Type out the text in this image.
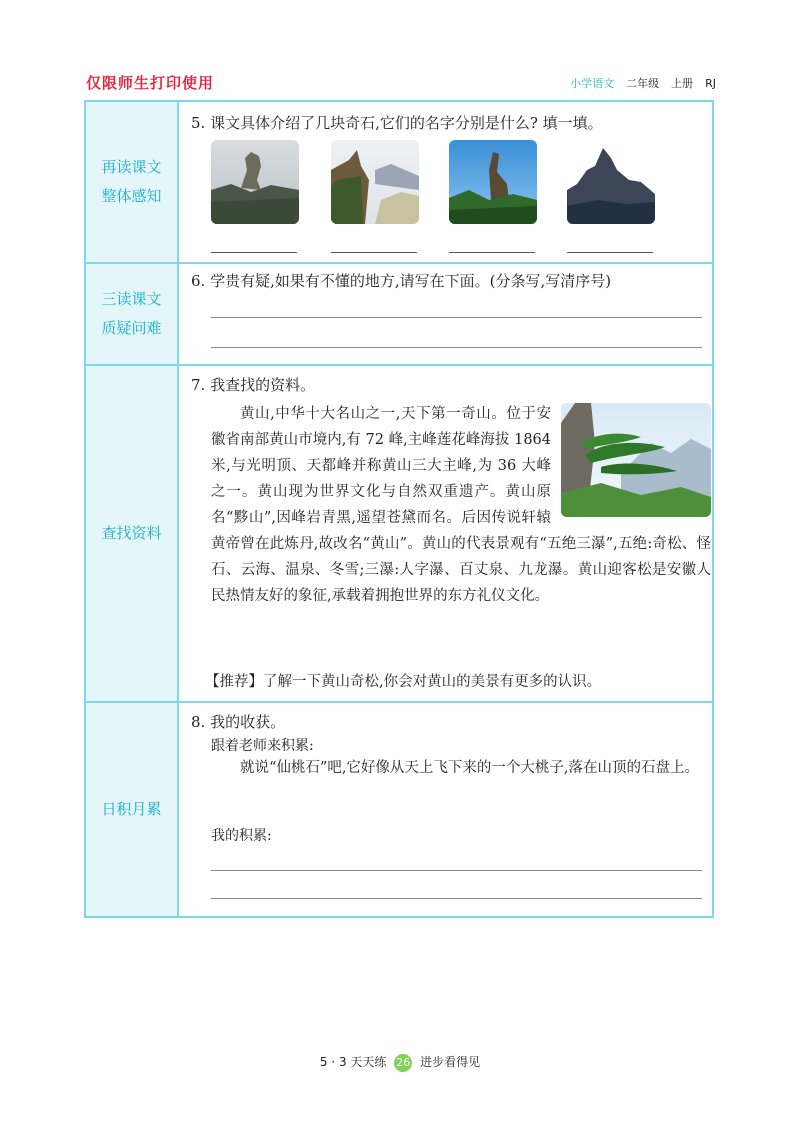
仅限师生打印使用	小学语文 二年级 上册 RJ
再读课文整体感知
5. 课文具体介绍了几块奇石,它们的名字分别是什么? 填一填。
三读课文质疑问难
6. 学贵有疑,如果有不懂的地方,请写在下面。(分条写,写清序号)
查找资料
7. 我查找的资料。
黄山,中华十大名山之一,天下第一奇山。位于安徽省南部黄山市境内,有 72 峰,主峰莲花峰海拔 1864 米,与光明顶、天都峰并称黄山三大主峰,为 36 大峰之一。黄山现为世界文化与自然双重遗产。黄山原名“黟山”,因峰岩青黑,遥望苍黛而名。后因传说轩辕黄帝曾在此炼丹,故改名“黄山”。黄山的代表景观有“五绝三瀑”,五绝:奇松、怪石、云海、温泉、冬雪;三瀑:人字瀑、百丈泉、九龙瀑。黄山迎客松是安徽人民热情友好的象征,承载着拥抱世界的东方礼仪文化。
【推荐】了解一下黄山奇松,你会对黄山的美景有更多的认识。
日积月累
8. 我的收获。
跟着老师来积累:
就说“仙桃石”吧,它好像从天上飞下来的一个大桃子,落在山顶的石盘上。
我的积累:
5 · 3 天天练 26 进步看得见
